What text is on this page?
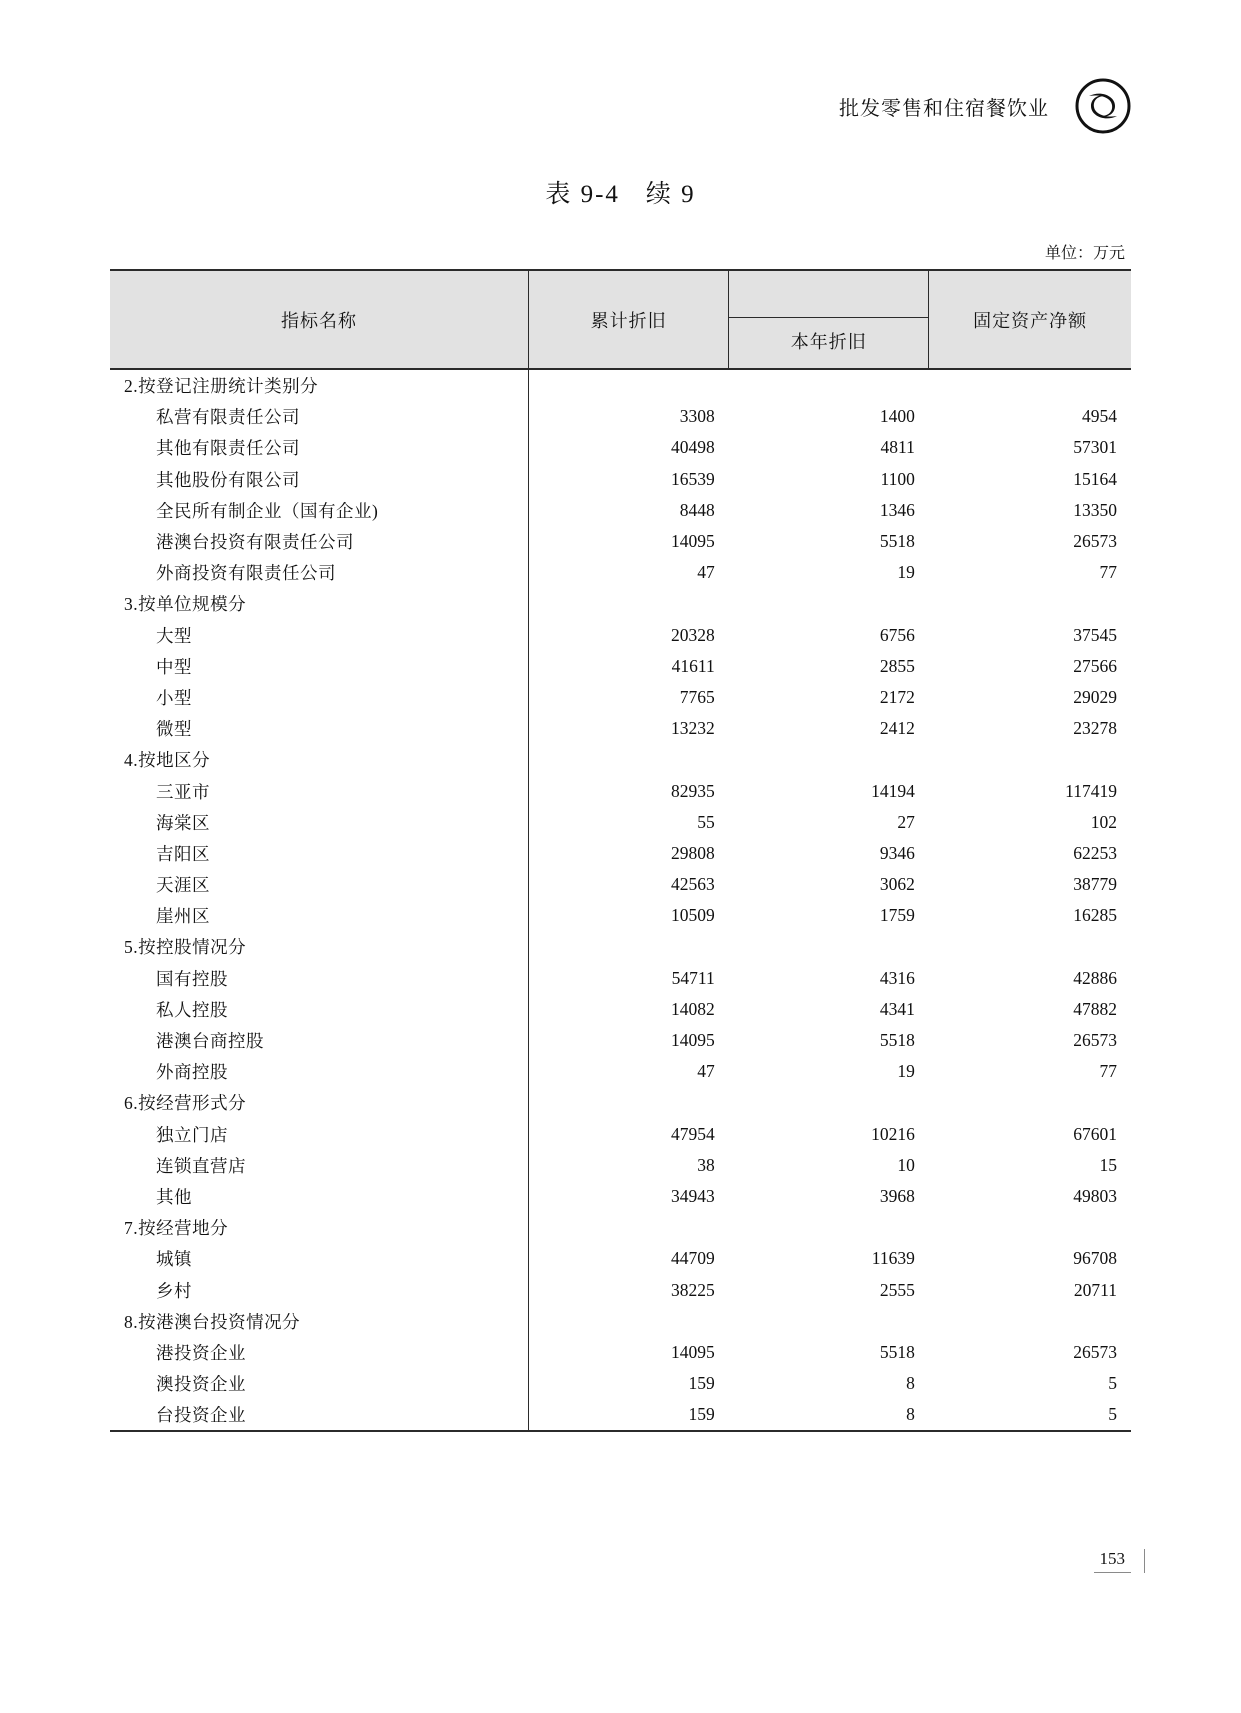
批发零售和住宿餐饮业
表 9-4 续 9
单位：万元
指标名称	累计折旧	本年折旧	固定资产净额
2.按登记注册统计类别分			
私营有限责任公司	3308	1400	4954
其他有限责任公司	40498	4811	57301
其他股份有限公司	16539	1100	15164
全民所有制企业（国有企业)	8448	1346	13350
港澳台投资有限责任公司	14095	5518	26573
外商投资有限责任公司	47	19	77
3.按单位规模分			
大型	20328	6756	37545
中型	41611	2855	27566
小型	7765	2172	29029
微型	13232	2412	23278
4.按地区分			
三亚市	82935	14194	117419
海棠区	55	27	102
吉阳区	29808	9346	62253
天涯区	42563	3062	38779
崖州区	10509	1759	16285
5.按控股情况分			
国有控股	54711	4316	42886
私人控股	14082	4341	47882
港澳台商控股	14095	5518	26573
外商控股	47	19	77
6.按经营形式分			
独立门店	47954	10216	67601
连锁直营店	38	10	15
其他	34943	3968	49803
7.按经营地分			
城镇	44709	11639	96708
乡村	38225	2555	20711
8.按港澳台投资情况分			
港投资企业	14095	5518	26573
澳投资企业	159	8	5
台投资企业	159	8	5
153
